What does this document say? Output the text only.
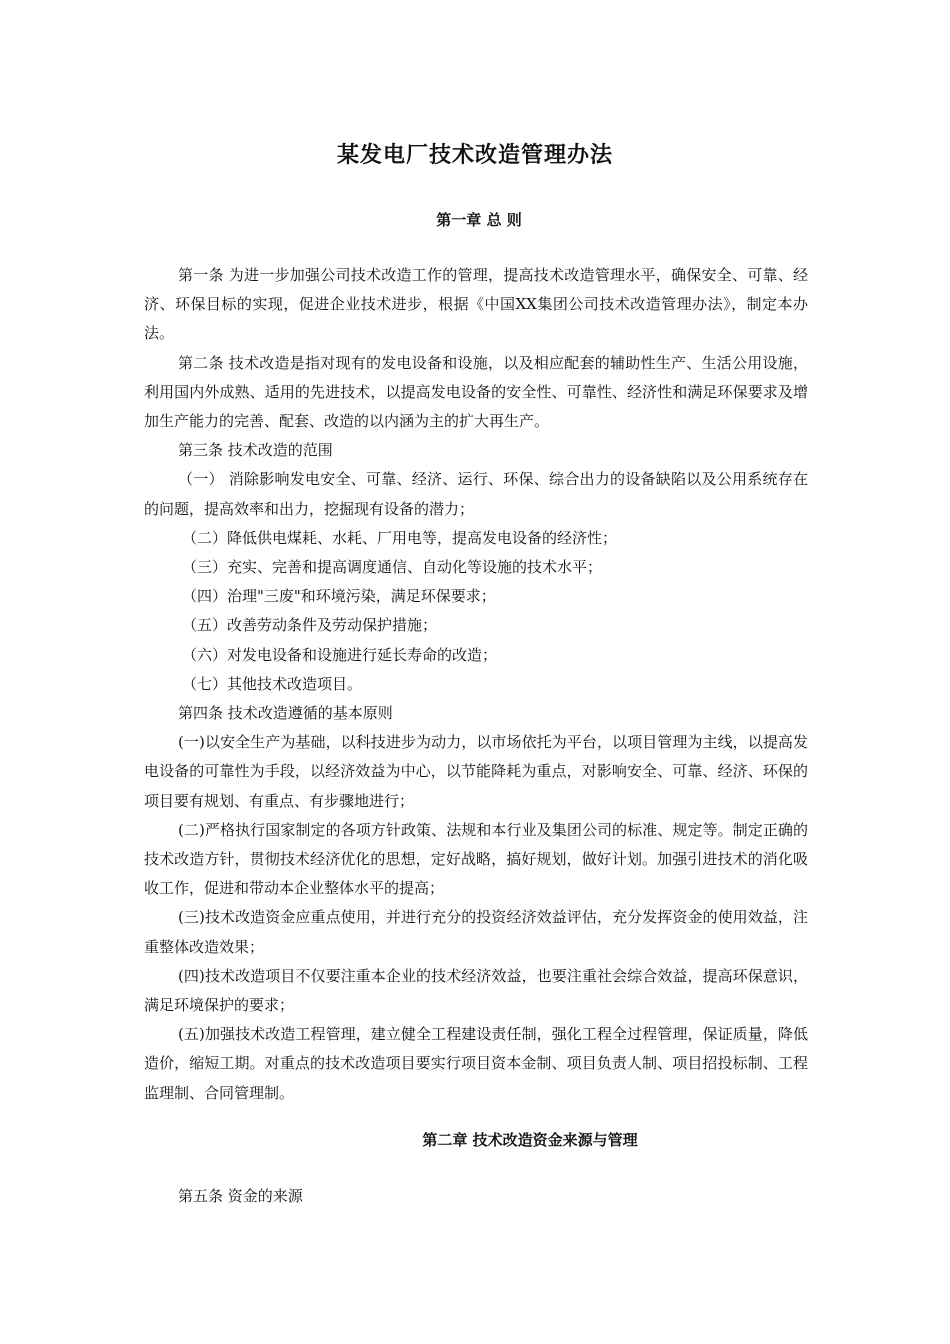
某发电厂技术改造管理办法
第一章 总 则

第一条 为进一步加强公司技术改造工作的管理，提高技术改造管理水平，确保安全、可靠、经济、环保目标的实现，促进企业技术进步，根据《中国XX集团公司技术改造管理办法》，制定本办法。

第二条 技术改造是指对现有的发电设备和设施，以及相应配套的辅助性生产、生活公用设施，利用国内外成熟、适用的先进技术，以提高发电设备的安全性、可靠性、经济性和满足环保要求及增加生产能力的完善、配套、改造的以内涵为主的扩大再生产。

第三条 技术改造的范围

（一） 消除影响发电安全、可靠、经济、运行、环保、综合出力的设备缺陷以及公用系统存在的问题，提高效率和出力，挖掘现有设备的潜力；

（二）降低供电煤耗、水耗、厂用电等，提高发电设备的经济性；

（三）充实、完善和提高调度通信、自动化等设施的技术水平；

（四）治理"三废"和环境污染，满足环保要求；

（五）改善劳动条件及劳动保护措施；

（六）对发电设备和设施进行延长寿命的改造；

（七）其他技术改造项目。

第四条 技术改造遵循的基本原则

(一)以安全生产为基础，以科技进步为动力，以市场依托为平台，以项目管理为主线，以提高发电设备的可靠性为手段，以经济效益为中心，以节能降耗为重点，对影响安全、可靠、经济、环保的项目要有规划、有重点、有步骤地进行；

(二)严格执行国家制定的各项方针政策、法规和本行业及集团公司的标准、规定等。制定正确的技术改造方针，贯彻技术经济优化的思想，定好战略，搞好规划，做好计划。加强引进技术的消化吸收工作，促进和带动本企业整体水平的提高；

(三)技术改造资金应重点使用，并进行充分的投资经济效益评估，充分发挥资金的使用效益，注重整体改造效果；

(四)技术改造项目不仅要注重本企业的技术经济效益，也要注重社会综合效益，提高环保意识，满足环境保护的要求；

(五)加强技术改造工程管理，建立健全工程建设责任制，强化工程全过程管理，保证质量，降低造价，缩短工期。对重点的技术改造项目要实行项目资本金制、项目负责人制、项目招投标制、工程监理制、合同管理制。

第二章 技术改造资金来源与管理

第五条 资金的来源
